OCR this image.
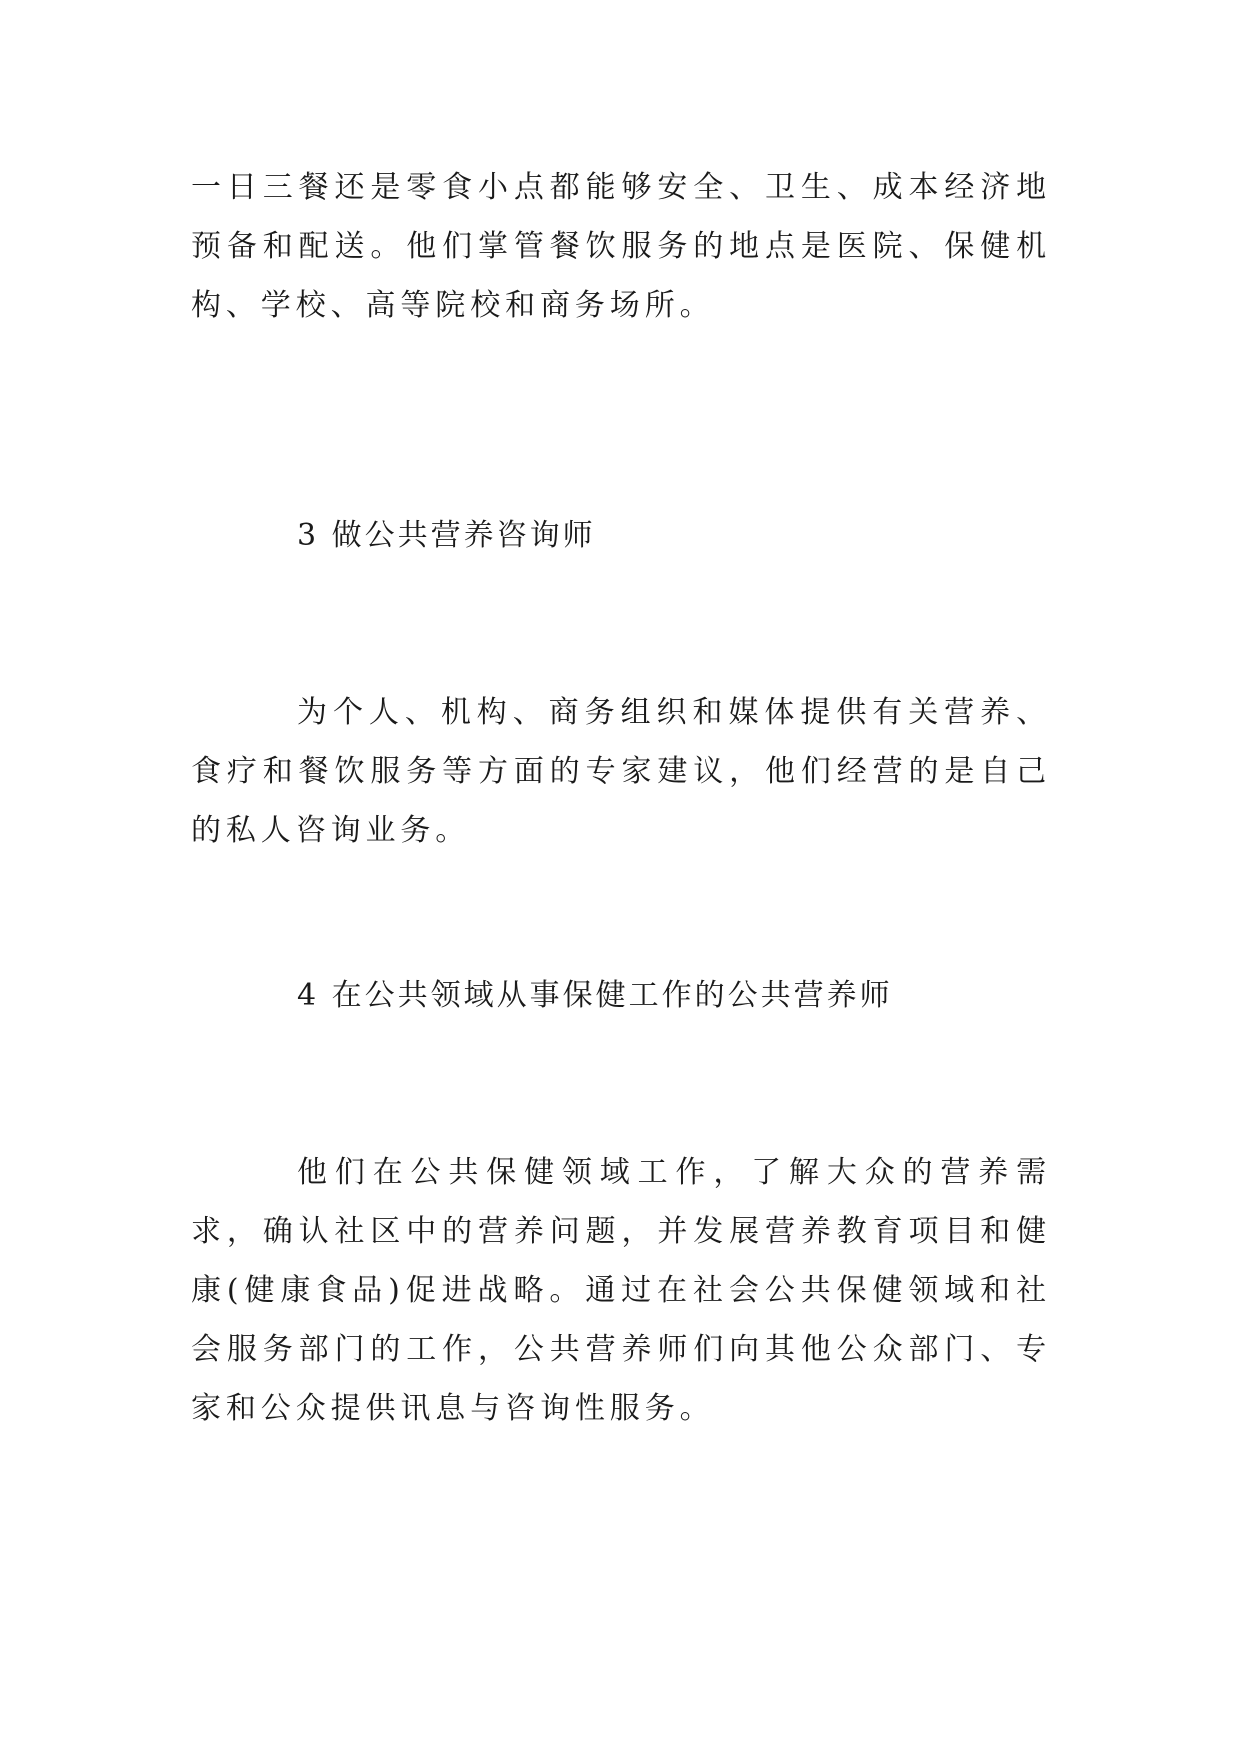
一日三餐还是零食小点都能够安全、卫生、成本经济地预备和配送。他们掌管餐饮服务的地点是医院、保健机构、学校、高等院校和商务场所。

3 做公共营养咨询师

为个人、机构、商务组织和媒体提供有关营养、食疗和餐饮服务等方面的专家建议，他们经营的是自己的私人咨询业务。

4 在公共领域从事保健工作的公共营养师

他们在公共保健领域工作，了解大众的营养需求，确认社区中的营养问题，并发展营养教育项目和健康(健康食品)促进战略。通过在社会公共保健领域和社会服务部门的工作，公共营养师们向其他公众部门、专家和公众提供讯息与咨询性服务。
